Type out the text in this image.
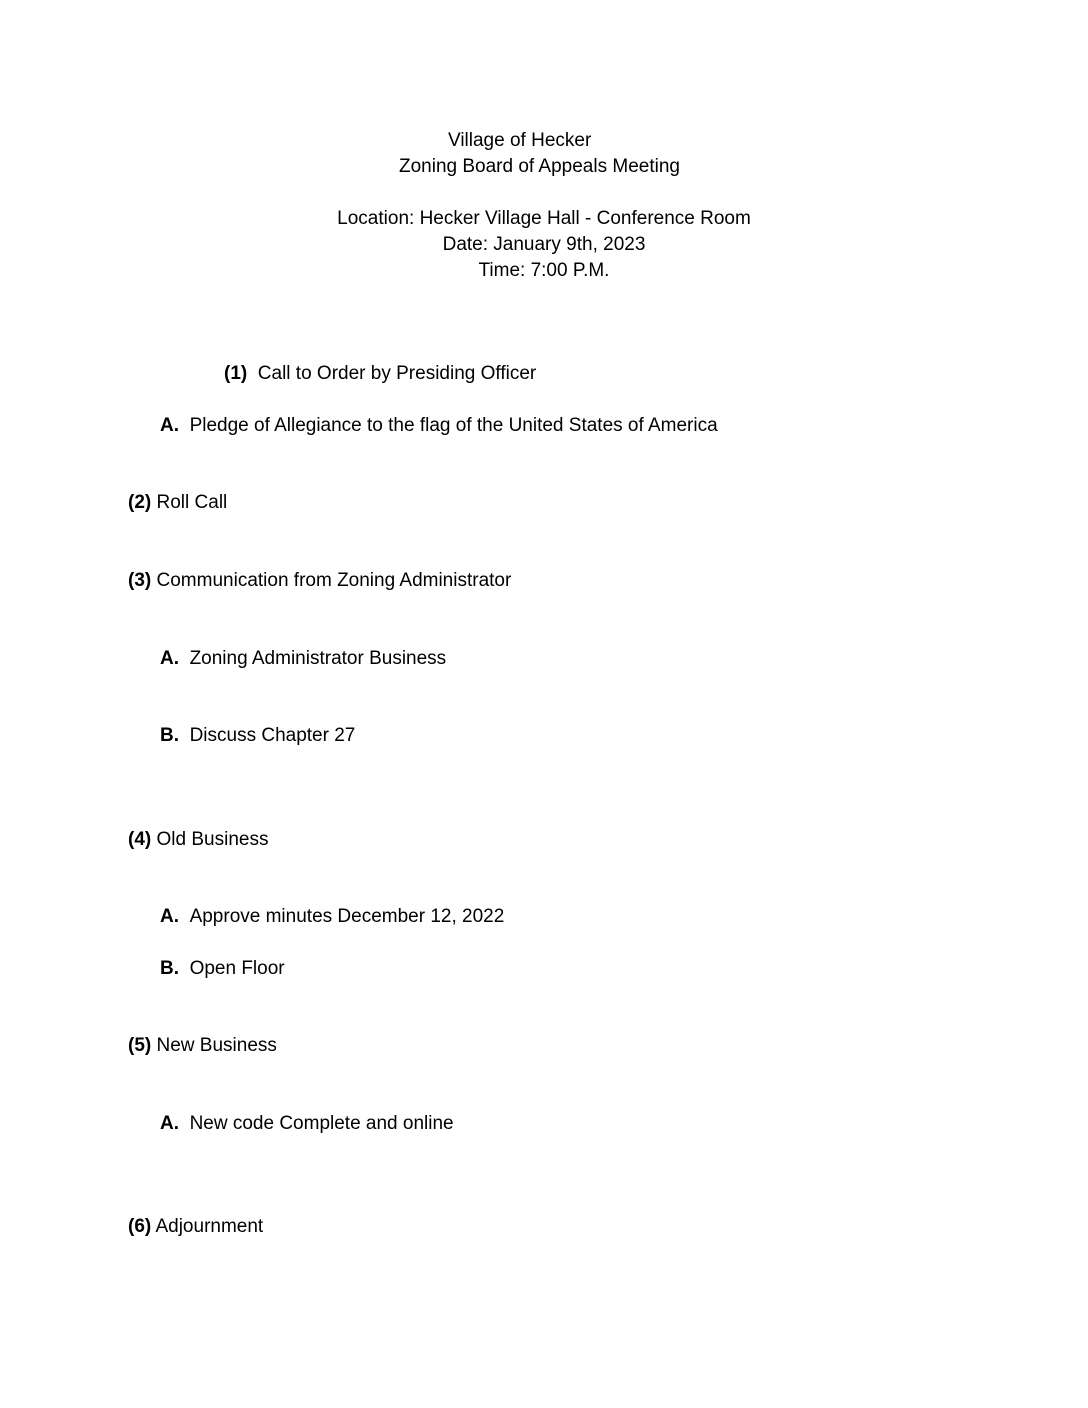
Village of Hecker
Zoning Board of Appeals Meeting
Location: Hecker Village Hall - Conference Room
Date: January 9th, 2023
Time: 7:00 P.M.
(1) Call to Order by Presiding Officer
A. Pledge of Allegiance to the flag of the United States of America
(2) Roll Call
(3) Communication from Zoning Administrator
A. Zoning Administrator Business
B. Discuss Chapter 27
(4) Old Business
A. Approve minutes December 12, 2022
B. Open Floor
(5) New Business
A. New code Complete and online
(6) Adjournment
